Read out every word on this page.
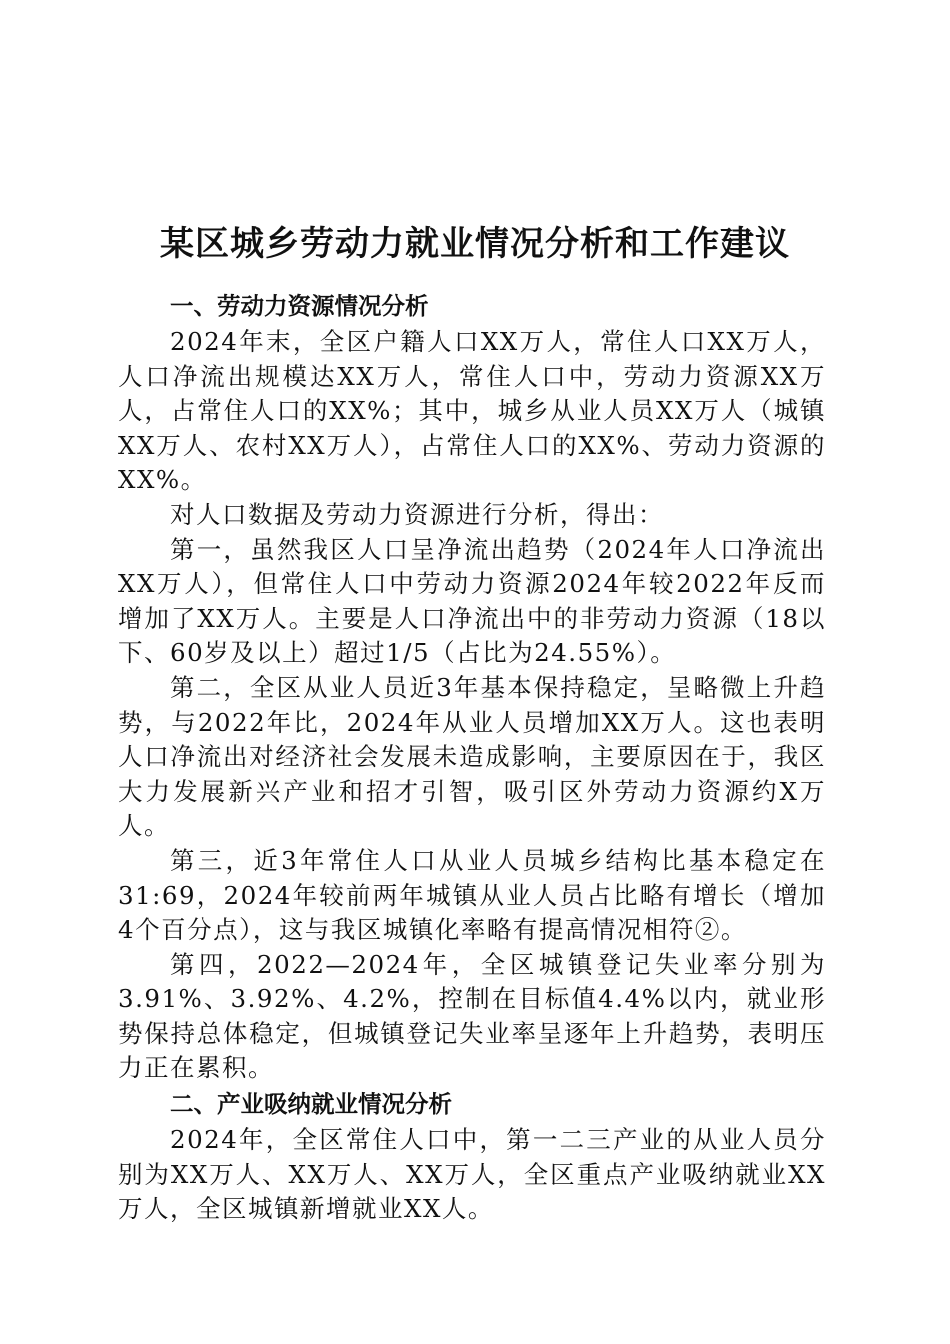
某区城乡劳动力就业情况分析和工作建议

一、劳动力资源情况分析

2024年末，全区户籍人口XX万人，常住人口XX万人，人口净流出规模达XX万人，常住人口中，劳动力资源XX万人，占常住人口的XX%；其中，城乡从业人员XX万人（城镇XX万人、农村XX万人），占常住人口的XX%、劳动力资源的XX%。

对人口数据及劳动力资源进行分析，得出：

第一，虽然我区人口呈净流出趋势（2024年人口净流出XX万人），但常住人口中劳动力资源2024年较2022年反而增加了XX万人。主要是人口净流出中的非劳动力资源（18以下、60岁及以上）超过1/5（占比为24.55%）。

第二，全区从业人员近3年基本保持稳定，呈略微上升趋势，与2022年比，2024年从业人员增加XX万人。这也表明人口净流出对经济社会发展未造成影响，主要原因在于，我区大力发展新兴产业和招才引智，吸引区外劳动力资源约X万人。

第三，近3年常住人口从业人员城乡结构比基本稳定在31:69，2024年较前两年城镇从业人员占比略有增长（增加4个百分点），这与我区城镇化率略有提高情况相符②。

第四，2022—2024年，全区城镇登记失业率分别为3.91%、3.92%、4.2%，控制在目标值4.4%以内，就业形势保持总体稳定，但城镇登记失业率呈逐年上升趋势，表明压力正在累积。

二、产业吸纳就业情况分析

2024年，全区常住人口中，第一二三产业的从业人员分别为XX万人、XX万人、XX万人，全区重点产业吸纳就业XX万人，全区城镇新增就业XX人。
